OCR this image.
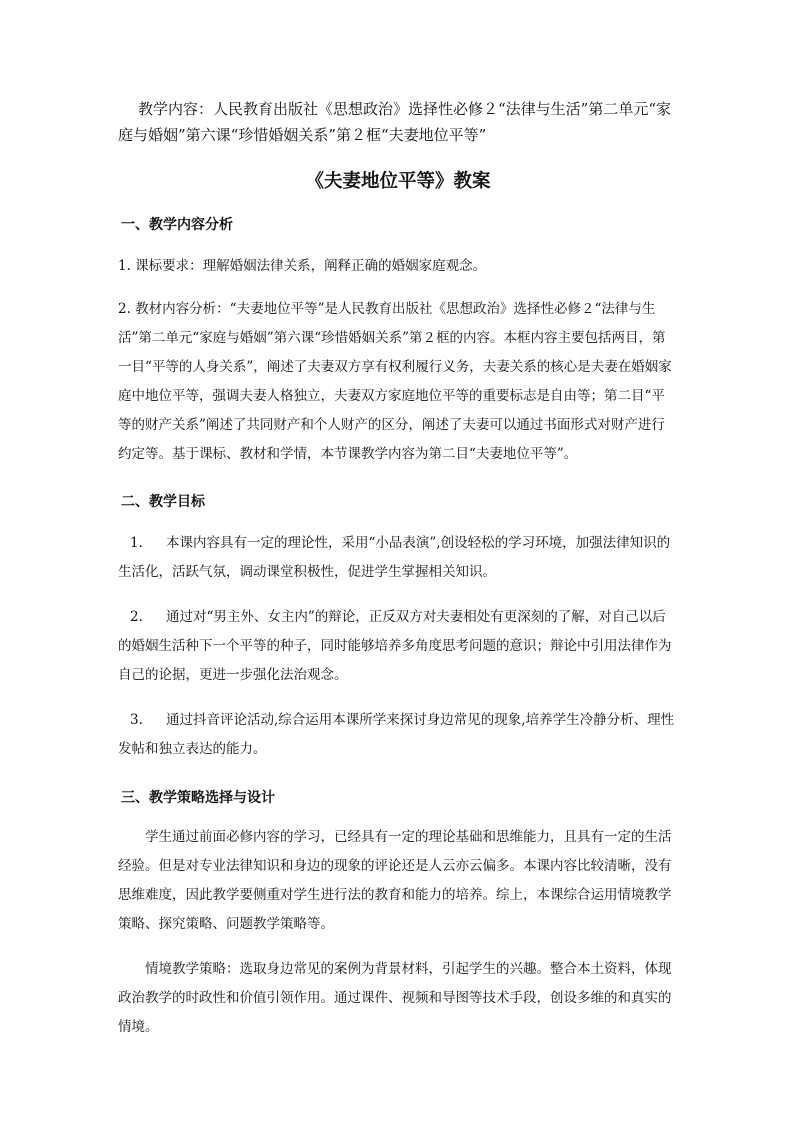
教学内容：人民教育出版社《思想政治》选择性必修２“法律与生活”第二单元“家庭与婚姻”第六课“珍惜婚姻关系”第２框“夫妻地位平等”

《夫妻地位平等》教案
一、教学内容分析

1. 课标要求：理解婚姻法律关系，阐释正确的婚姻家庭观念。

2. 教材内容分析：“夫妻地位平等”是人民教育出版社《思想政治》选择性必修２“法律与生活”第二单元“家庭与婚姻”第六课“珍惜婚姻关系”第２框的内容。本框内容主要包括两目，第一目“平等的人身关系”，阐述了夫妻双方享有权利履行义务，夫妻关系的核心是夫妻在婚姻家庭中地位平等，强调夫妻人格独立，夫妻双方家庭地位平等的重要标志是自由等；第二目“平等的财产关系”阐述了共同财产和个人财产的区分，阐述了夫妻可以通过书面形式对财产进行约定等。基于课标、教材和学情，本节课教学内容为第二目“夫妻地位平等”。

二、教学目标

1. 本课内容具有一定的理论性，采用“小品表演”,创设轻松的学习环境，加强法律知识的生活化，活跃气氛，调动课堂积极性，促进学生掌握相关知识。

2. 通过对“男主外、女主内”的辩论，正反双方对夫妻相处有更深刻的了解，对自己以后的婚姻生活种下一个平等的种子，同时能够培养多角度思考问题的意识；辩论中引用法律作为自己的论据，更进一步强化法治观念。

3. 通过抖音评论活动,综合运用本课所学来探讨身边常见的现象,培养学生冷静分析、理性发帖和独立表达的能力。

三、教学策略选择与设计

学生通过前面必修内容的学习，已经具有一定的理论基础和思维能力，且具有一定的生活经验。但是对专业法律知识和身边的现象的评论还是人云亦云偏多。本课内容比较清晰，没有思维难度，因此教学要侧重对学生进行法的教育和能力的培养。综上，本课综合运用情境教学策略、探究策略、问题教学策略等。

情境教学策略：选取身边常见的案例为背景材料，引起学生的兴趣。整合本土资料，体现政治教学的时政性和价值引领作用。通过课件、视频和导图等技术手段，创设多维的和真实的情境。
